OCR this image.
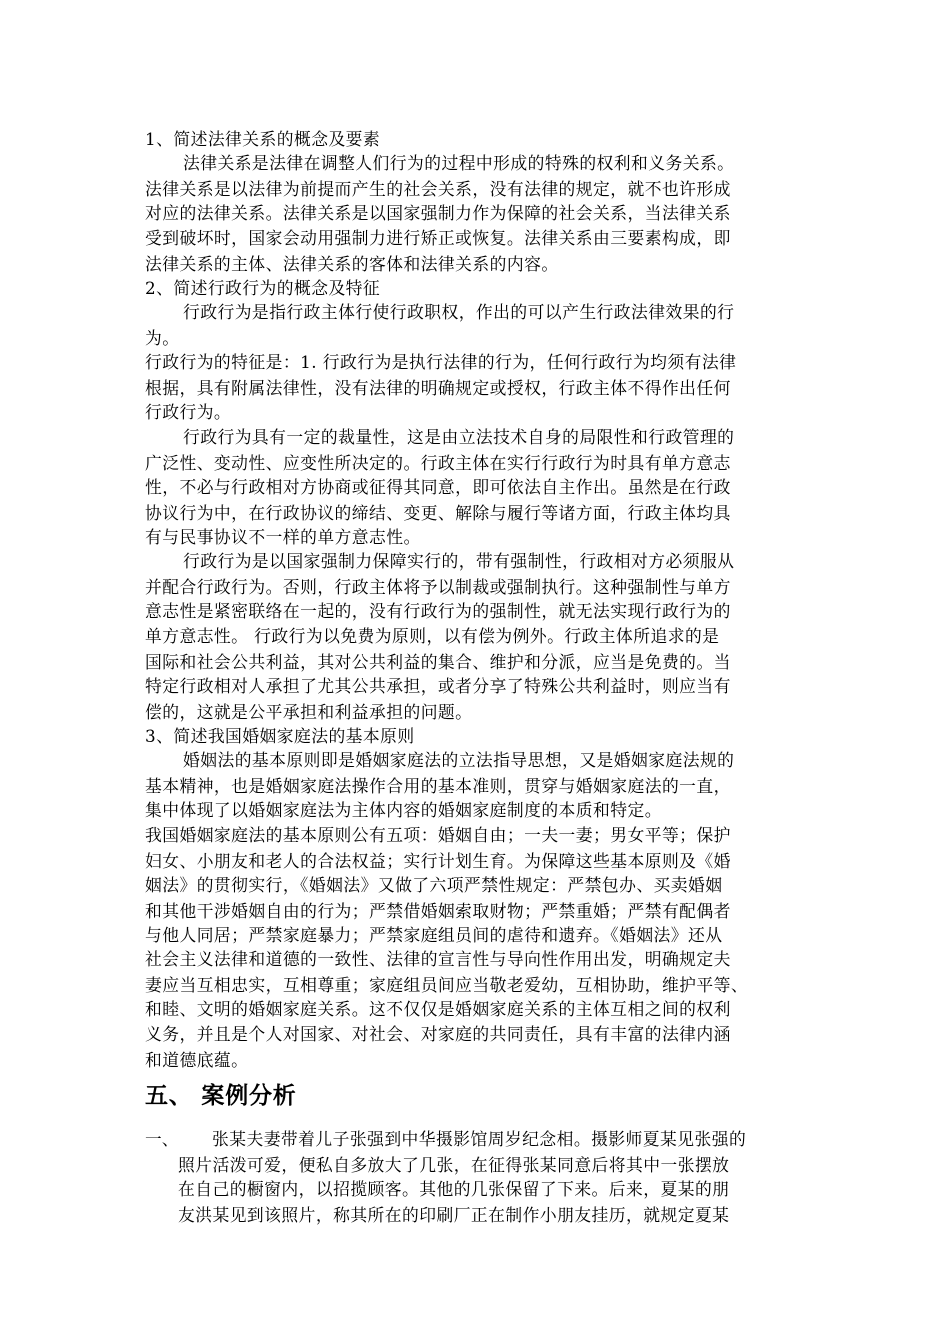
1、简述法律关系的概念及要素
法律关系是法律在调整人们行为的过程中形成的特殊的权利和义务关系。
法律关系是以法律为前提而产生的社会关系，没有法律的规定，就不也许形成
对应的法律关系。法律关系是以国家强制力作为保障的社会关系，当法律关系
受到破坏时，国家会动用强制力进行矫正或恢复。法律关系由三要素构成，即
法律关系的主体、法律关系的客体和法律关系的内容。
2、简述行政行为的概念及特征
行政行为是指行政主体行使行政职权，作出的可以产生行政法律效果的行
为。
行政行为的特征是：1. 行政行为是执行法律的行为，任何行政行为均须有法律
根据，具有附属法律性，没有法律的明确规定或授权，行政主体不得作出任何
行政行为。
行政行为具有一定的裁量性，这是由立法技术自身的局限性和行政管理的
广泛性、变动性、应变性所决定的。行政主体在实行行政行为时具有单方意志
性，不必与行政相对方协商或征得其同意，即可依法自主作出。虽然是在行政
协议行为中，在行政协议的缔结、变更、解除与履行等诸方面，行政主体均具
有与民事协议不一样的单方意志性。
行政行为是以国家强制力保障实行的，带有强制性，行政相对方必须服从
并配合行政行为。否则，行政主体将予以制裁或强制执行。这种强制性与单方
意志性是紧密联络在一起的，没有行政行为的强制性，就无法实现行政行为的
单方意志性。 行政行为以免费为原则，以有偿为例外。行政主体所追求的是
国际和社会公共利益，其对公共利益的集合、维护和分派，应当是免费的。当
特定行政相对人承担了尤其公共承担，或者分享了特殊公共利益时，则应当有
偿的，这就是公平承担和利益承担的问题。
3、简述我国婚姻家庭法的基本原则
婚姻法的基本原则即是婚姻家庭法的立法指导思想，又是婚姻家庭法规的
基本精神，也是婚姻家庭法操作合用的基本准则，贯穿与婚姻家庭法的一直，
集中体现了以婚姻家庭法为主体内容的婚姻家庭制度的本质和特定。
我国婚姻家庭法的基本原则公有五项：婚姻自由；一夫一妻；男女平等；保护
妇女、小朋友和老人的合法权益；实行计划生育。为保障这些基本原则及《婚
姻法》的贯彻实行，《婚姻法》又做了六项严禁性规定：严禁包办、买卖婚姻
和其他干涉婚姻自由的行为；严禁借婚姻索取财物；严禁重婚；严禁有配偶者
与他人同居；严禁家庭暴力；严禁家庭组员间的虐待和遗弃。《婚姻法》还从
社会主义法律和道德的一致性、法律的宣言性与导向性作用出发，明确规定夫
妻应当互相忠实，互相尊重；家庭组员间应当敬老爱幼，互相协助，维护平等、
和睦、文明的婚姻家庭关系。这不仅仅是婚姻家庭关系的主体互相之间的权利
义务，并且是个人对国家、对社会、对家庭的共同责任，具有丰富的法律内涵
和道德底蕴。
五、 案例分析
一、 张某夫妻带着儿子张强到中华摄影馆周岁纪念相。摄影师夏某见张强的
照片活泼可爱，便私自多放大了几张，在征得张某同意后将其中一张摆放
在自己的橱窗内，以招揽顾客。其他的几张保留了下来。后来，夏某的朋
友洪某见到该照片，称其所在的印刷厂正在制作小朋友挂历，就规定夏某
